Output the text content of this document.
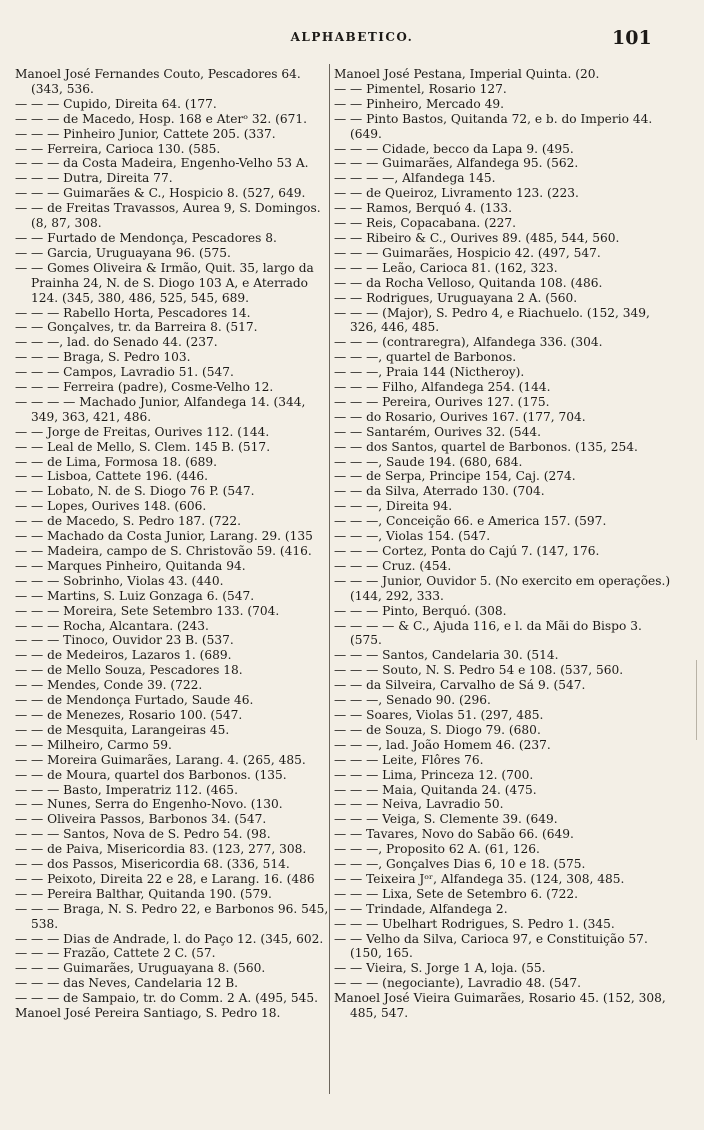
ALPHABETICO.	101

Manoel José Fernandes Couto, Pescadores 64. (343, 536.

— — — Cupido, Direita 64. (177.

— — — de Macedo, Hosp. 168 e Aterᵒ 32. (671.

— — — Pinheiro Junior, Cattete 205. (337.

— — Ferreira, Carioca 130. (585.

— — — da Costa Madeira, Engenho-Velho 53 A.

— — — Dutra, Direita 77.

— — — Guimarães & C., Hospicio 8. (527, 649.

— — de Freitas Travassos, Aurea 9, S. Domingos. (8, 87, 308.

— — Furtado de Mendonça, Pescadores 8.

— — Garcia, Uruguayana 96. (575.

— — Gomes Oliveira & Irmão, Quit. 35, largo da Prainha 24, N. de S. Diogo 103 A, e Aterrado 124. (345, 380, 486, 525, 545, 689.

— — — Rabello Horta, Pescadores 14.

— — Gonçalves, tr. da Barreira 8. (517.

— — —, lad. do Senado 44. (237.

— — — Braga, S. Pedro 103.

— — — Campos, Lavradio 51. (547.

— — — Ferreira (padre), Cosme-Velho 12.

— — — — Machado Junior, Alfandega 14. (344, 349, 363, 421, 486.

— — Jorge de Freitas, Ourives 112. (144.

— — Leal de Mello, S. Clem. 145 B. (517.

— — de Lima, Formosa 18. (689.

— — Lisboa, Cattete 196. (446.

— — Lobato, N. de S. Diogo 76 P. (547.

— — Lopes, Ourives 148. (606.

— — de Macedo, S. Pedro 187. (722.

— — Machado da Costa Junior, Larang. 29. (135

— — Madeira, campo de S. Christovão 59. (416.

— — Marques Pinheiro, Quitanda 94.

— — — Sobrinho, Violas 43. (440.

— — Martins, S. Luiz Gonzaga 6. (547.

— — — Moreira, Sete Setembro 133. (704.

— — — Rocha, Alcantara. (243.

— — — Tinoco, Ouvidor 23 B. (537.

— — de Medeiros, Lazaros 1. (689.

— — de Mello Souza, Pescadores 18.

— — Mendes, Conde 39. (722.

— — de Mendonça Furtado, Saude 46.

— — de Menezes, Rosario 100. (547.

— — de Mesquita, Larangeiras 45.

— — Milheiro, Carmo 59.

— — Moreira Guimarães, Larang. 4. (265, 485.

— — de Moura, quartel dos Barbonos. (135.

— — — Basto, Imperatriz 112. (465.

— — Nunes, Serra do Engenho-Novo. (130.

— — Oliveira Passos, Barbonos 34. (547.

— — — Santos, Nova de S. Pedro 54. (98.

— — de Paiva, Misericordia 83. (123, 277, 308.

— — dos Passos, Misericordia 68. (336, 514.

— — Peixoto, Direita 22 e 28, e Larang. 16. (486

— — Pereira Balthar, Quitanda 190. (579.

— — — Braga, N. S. Pedro 22, e Barbonos 96. 545, 538.

— — — Dias de Andrade, l. do Paço 12. (345, 602.

— — — Frazão, Cattete 2 C. (57.

— — — Guimarães, Uruguayana 8. (560.

— — — das Neves, Candelaria 12 B.

— — — de Sampaio, tr. do Comm. 2 A. (495, 545.

Manoel José Pereira Santiago, S. Pedro 18.

Manoel José Pestana, Imperial Quinta. (20.

— — Pimentel, Rosario 127.

— — Pinheiro, Mercado 49.

— — Pinto Bastos, Quitanda 72, e b. do Imperio 44. (649.

— — — Cidade, becco da Lapa 9. (495.

— — — Guimarães, Alfandega 95. (562.

— — — —, Alfandega 145.

— — de Queiroz, Livramento 123. (223.

— — Ramos, Berquó 4. (133.

— — Reis, Copacabana. (227.

— — Ribeiro & C., Ourives 89. (485, 544, 560.

— — — Guimarães, Hospicio 42. (497, 547.

— — — Leão, Carioca 81. (162, 323.

— — da Rocha Velloso, Quitanda 108. (486.

— — Rodrigues, Uruguayana 2 A. (560.

— — — (Major), S. Pedro 4, e Riachuelo. (152, 349, 326, 446, 485.

— — — (contraregra), Alfandega 336. (304.

— — —, quartel de Barbonos.

— — —, Praia 144 (Nictheroy).

— — — Filho, Alfandega 254. (144.

— — — Pereira, Ourives 127. (175.

— — do Rosario, Ourives 167. (177, 704.

— — Santarém, Ourives 32. (544.

— — dos Santos, quartel de Barbonos. (135, 254.

— — —, Saude 194. (680, 684.

— — de Serpa, Principe 154, Caj. (274.

— — da Silva, Aterrado 130. (704.

— — —, Direita 94.

— — —, Conceição 66. e America 157. (597.

— — —, Violas 154. (547.

— — — Cortez, Ponta do Cajú 7. (147, 176.

— — — Cruz. (454.

— — — Junior, Ouvidor 5. (No exercito em operações.) (144, 292, 333.

— — — Pinto, Berquó. (308.

— — — — & C., Ajuda 116, e l. da Mãi do Bispo 3. (575.

— — — Santos, Candelaria 30. (514.

— — — Souto, N. S. Pedro 54 e 108. (537, 560.

— — da Silveira, Carvalho de Sá 9. (547.

— — —, Senado 90. (296.

— — Soares, Violas 51. (297, 485.

— — de Souza, S. Diogo 79. (680.

— — —, lad. João Homem 46. (237.

— — — Leite, Flôres 76.

— — — Lima, Princeza 12. (700.

— — — Maia, Quitanda 24. (475.

— — — Neiva, Lavradio 50.

— — — Veiga, S. Clemente 39. (649.

— — Tavares, Novo do Sabão 66. (649.

— — —, Proposito 62 A. (61, 126.

— — —, Gonçalves Dias 6, 10 e 18. (575.

— — Teixeira Jᵒʳ, Alfandega 35. (124, 308, 485.

— — — Lixa, Sete de Setembro 6. (722.

— — Trindade, Alfandega 2.

— — — Ubelhart Rodrigues, S. Pedro 1. (345.

— — Velho da Silva, Carioca 97, e Constituição 57. (150, 165.

— — Vieira, S. Jorge 1 A, loja. (55.

— — — (negociante), Lavradio 48. (547.

Manoel José Vieira Guimarães, Rosario 45. (152, 308, 485, 547.
